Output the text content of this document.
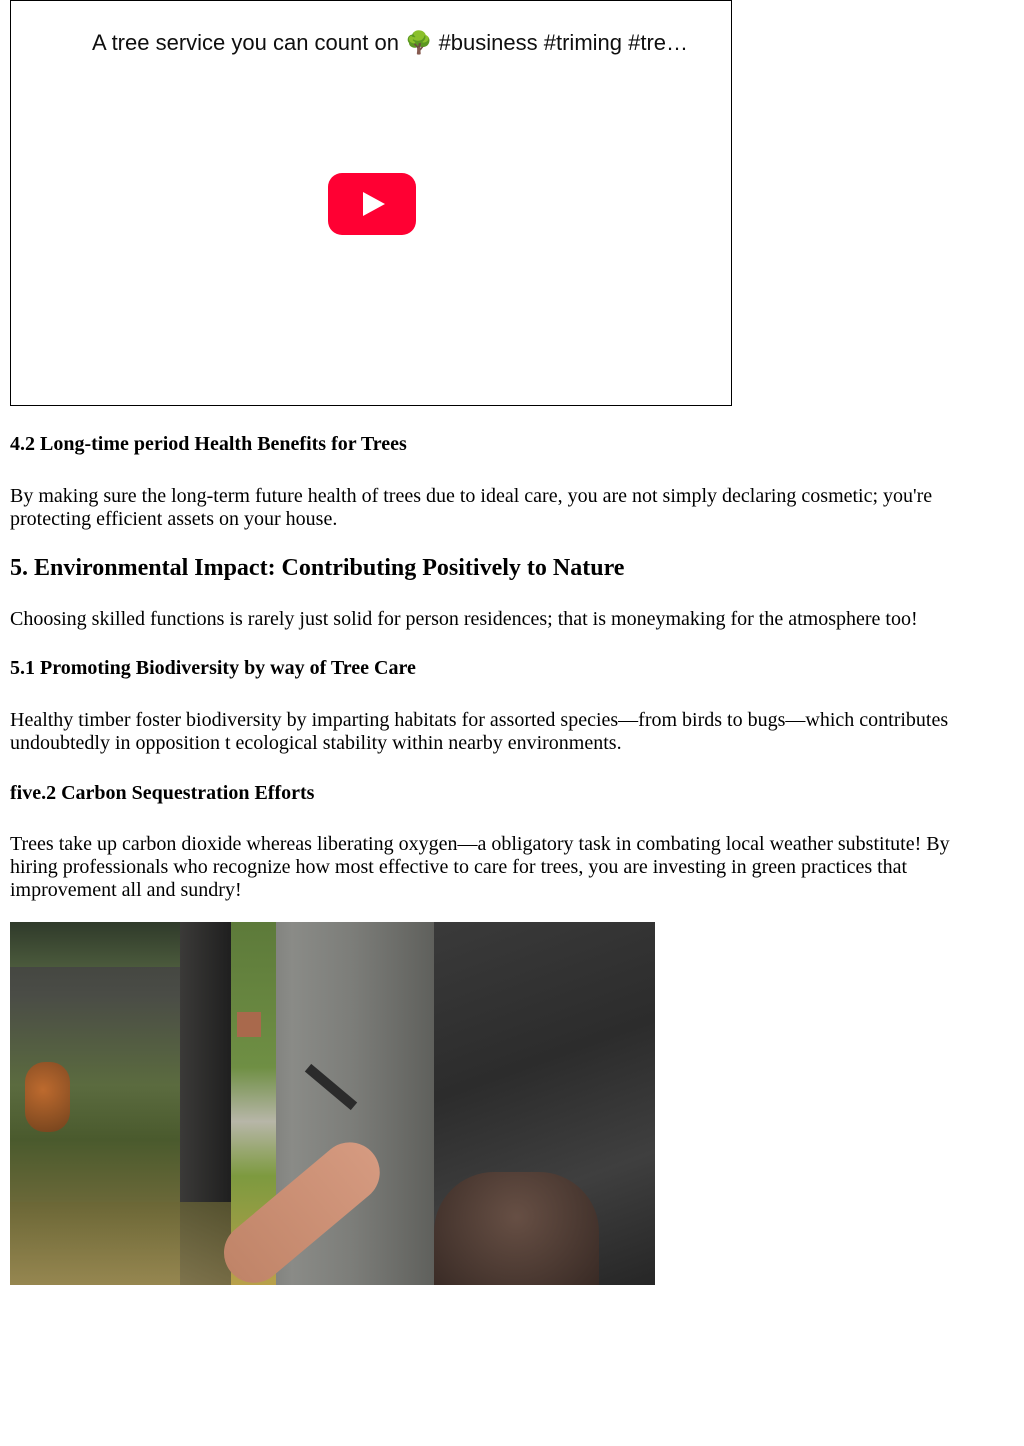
A tree service you can count on 🌳 #business #triming #tre…
4.2 Long-time period Health Benefits for Trees

By making sure the long-term future health of trees due to ideal care, you are not simply declaring cosmetic; you're protecting efficient assets on your house.

5. Environmental Impact: Contributing Positively to Nature

Choosing skilled functions is rarely just solid for person residences; that is moneymaking for the atmosphere too!

5.1 Promoting Biodiversity by way of Tree Care

Healthy timber foster biodiversity by imparting habitats for assorted species—from birds to bugs—which contributes undoubtedly in opposition t ecological stability within nearby environments.

five.2 Carbon Sequestration Efforts

Trees take up carbon dioxide whereas liberating oxygen—a obligatory task in combating local weather substitute! By hiring professionals who recognize how most effective to care for trees, you are investing in green practices that improvement all and sundry!
